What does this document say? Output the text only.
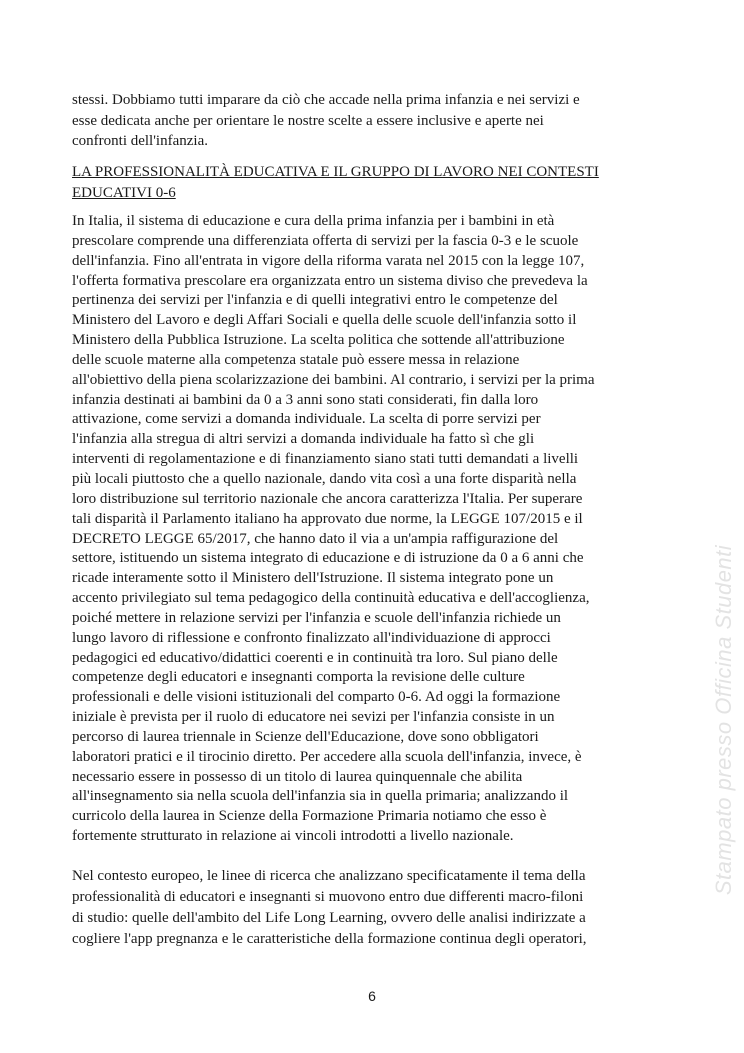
stessi. Dobbiamo tutti imparare da ciò che accade nella prima infanzia e nei servizi e
esse dedicata anche per orientare le nostre scelte a essere inclusive e aperte nei
confronti dell'infanzia.
LA PROFESSIONALITÀ EDUCATIVA E IL GRUPPO DI LAVORO NEI CONTESTI
EDUCATIVI 0-6
In Italia, il sistema di educazione e cura della prima infanzia per i bambini in età
prescolare comprende una differenziata offerta di servizi per la fascia 0-3 e le scuole
dell'infanzia. Fino all'entrata in vigore della riforma varata nel 2015 con la legge 107,
l'offerta formativa prescolare era organizzata entro un sistema diviso che prevedeva la
pertinenza dei servizi per l'infanzia e di quelli integrativi entro le competenze del
Ministero del Lavoro e degli Affari Sociali e quella delle scuole dell'infanzia sotto il
Ministero della Pubblica Istruzione. La scelta politica che sottende all'attribuzione
delle scuole materne alla competenza statale può essere messa in relazione
all'obiettivo della piena scolarizzazione dei bambini. Al contrario, i servizi per la prima
infanzia destinati ai bambini da 0 a 3 anni sono stati considerati, fin dalla loro
attivazione, come servizi a domanda individuale. La scelta di porre servizi per
l'infanzia alla stregua di altri servizi a domanda individuale ha fatto sì che gli
interventi di regolamentazione e di finanziamento siano stati tutti demandati a livelli
più locali piuttosto che a quello nazionale, dando vita così a una forte disparità nella
loro distribuzione sul territorio nazionale che ancora caratterizza l'Italia. Per superare
tali disparità il Parlamento italiano ha approvato due norme, la LEGGE 107/2015 e il
DECRETO LEGGE 65/2017, che hanno dato il via a un'ampia raffigurazione del
settore, istituendo un sistema integrato di educazione e di istruzione da 0 a 6 anni che
ricade interamente sotto il Ministero dell'Istruzione. Il sistema integrato pone un
accento privilegiato sul tema pedagogico della continuità educativa e dell'accoglienza,
poiché mettere in relazione servizi per l'infanzia e scuole dell'infanzia richiede un
lungo lavoro di riflessione e confronto finalizzato all'individuazione di approcci
pedagogici ed educativo/didattici coerenti e in continuità tra loro. Sul piano delle
competenze degli educatori e insegnanti comporta la revisione delle culture
professionali e delle visioni istituzionali del comparto 0-6. Ad oggi la formazione
iniziale è prevista per il ruolo di educatore nei sevizi per l'infanzia consiste in un
percorso di laurea triennale in Scienze dell'Educazione, dove sono obbligatori
laboratori pratici e il tirocinio diretto. Per accedere alla scuola dell'infanzia, invece, è
necessario essere in possesso di un titolo di laurea quinquennale che abilita
all'insegnamento sia nella scuola dell'infanzia sia in quella primaria; analizzando il
curricolo della laurea in Scienze della Formazione Primaria notiamo che esso è
fortemente strutturato in relazione ai vincoli introdotti a livello nazionale.
Nel contesto europeo, le linee di ricerca che analizzano specificatamente il tema della
professionalità di educatori e insegnanti si muovono entro due differenti macro-filoni
di studio: quelle dell'ambito del Life Long Learning, ovvero delle analisi indirizzate a
cogliere l'app pregnanza e le caratteristiche della formazione continua degli operatori,
6
Stampato presso Officina Studenti
